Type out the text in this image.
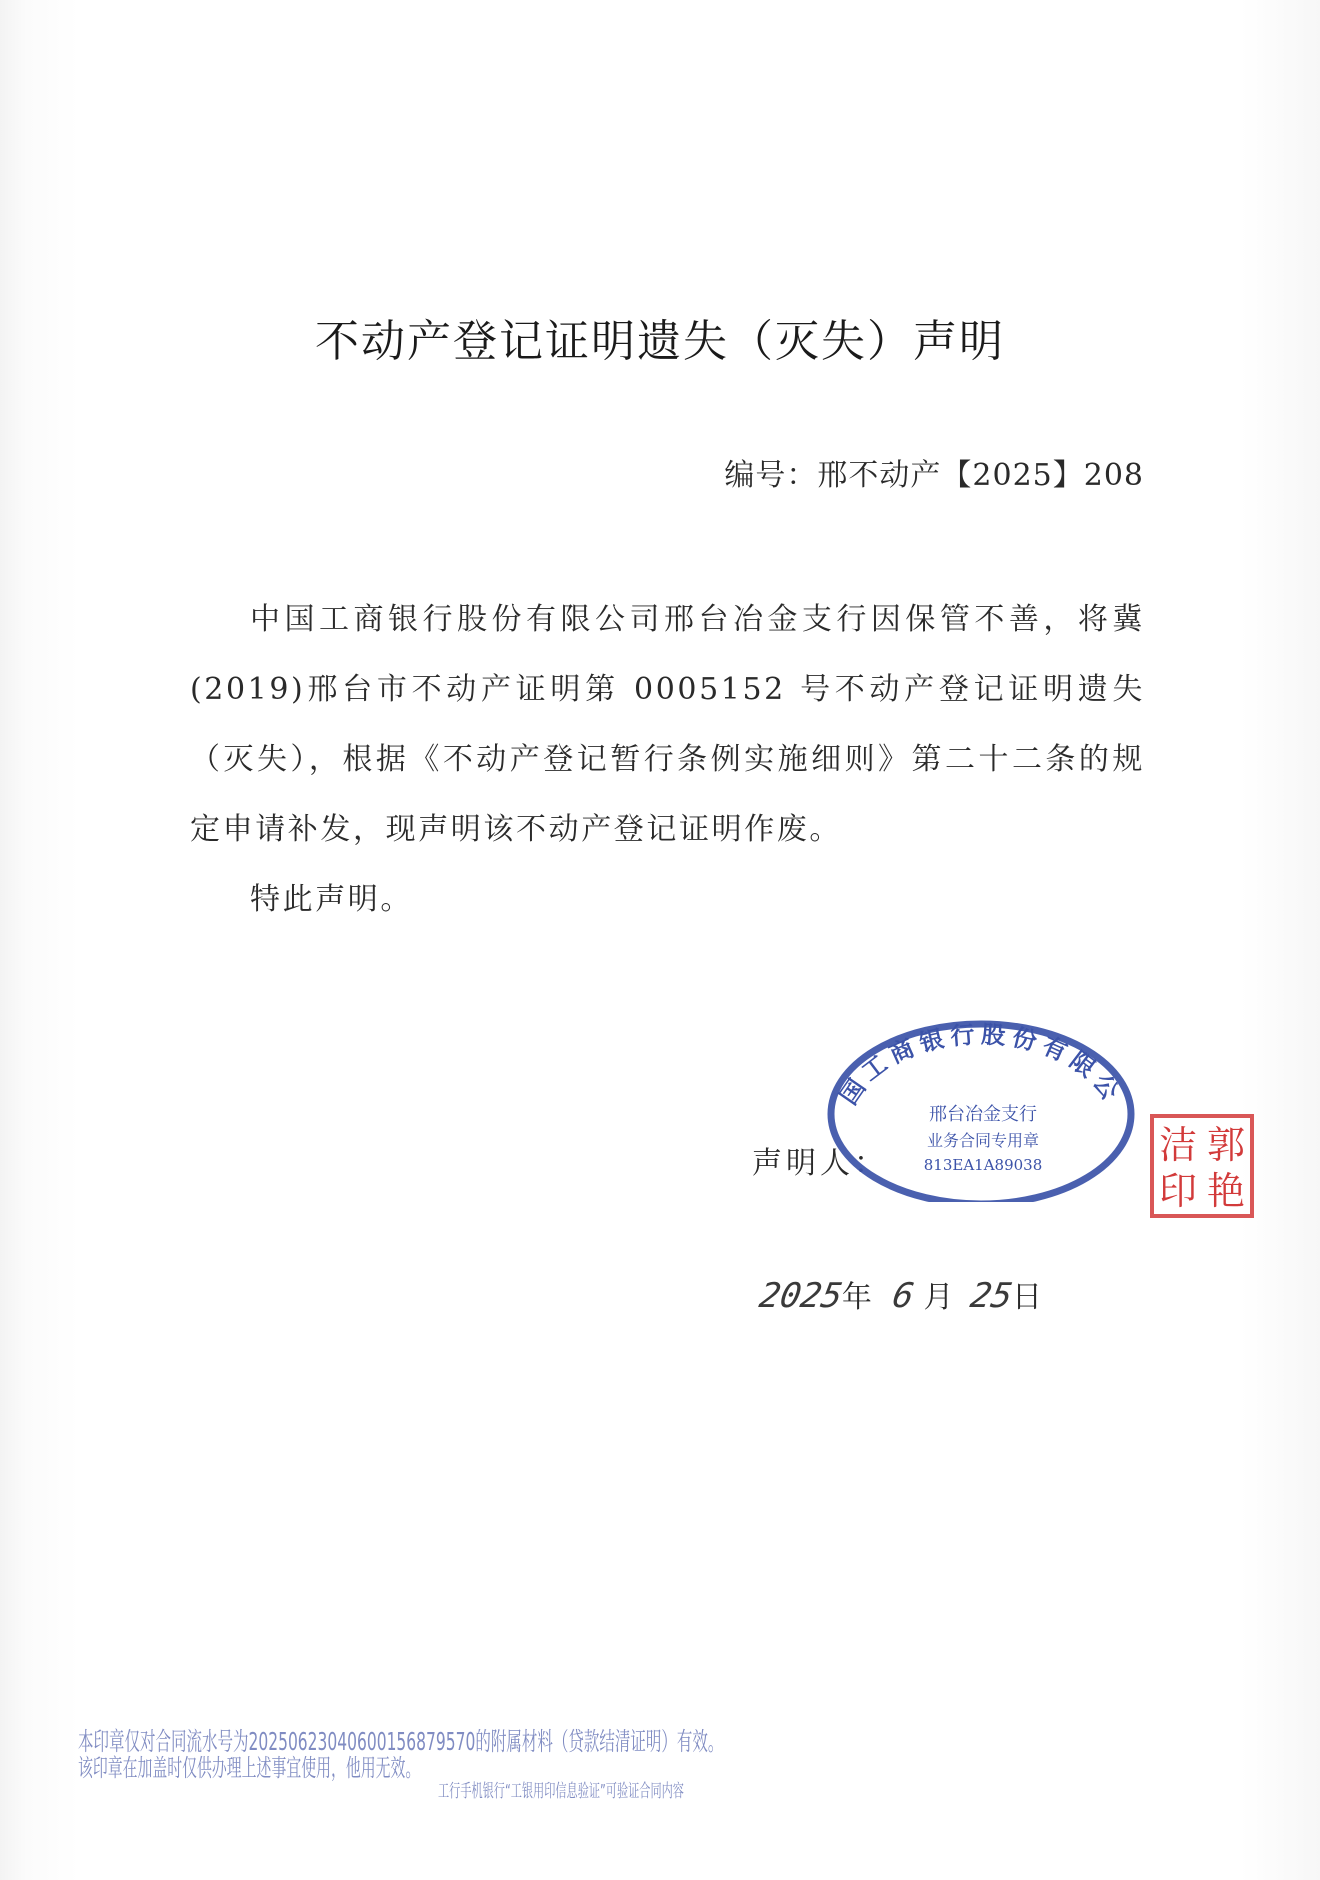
不动产登记证明遗失（灭失）声明
编号：邢不动产【2025】208

中国工商银行股份有限公司邢台冶金支行因保管不善，将冀(2019)邢台市不动产证明第 0005152 号不动产登记证明遗失（灭失），根据《不动产登记暂行条例实施细则》第二十二条的规定申请补发，现声明该不动产登记证明作废。

特此声明。

声明人：
国工商银行股份有限公
邢台冶金支行
业务合同专用章
813EA1A89038	郭
艳
洁
印
2025年 6 月 25日
本印章仅对合同流水号为20250623040600156879570的附属材料（贷款结清证明）有效。
该印章在加盖时仅供办理上述事宜使用，他用无效。
工行手机银行“工银用印信息验证”可验证合同内容
